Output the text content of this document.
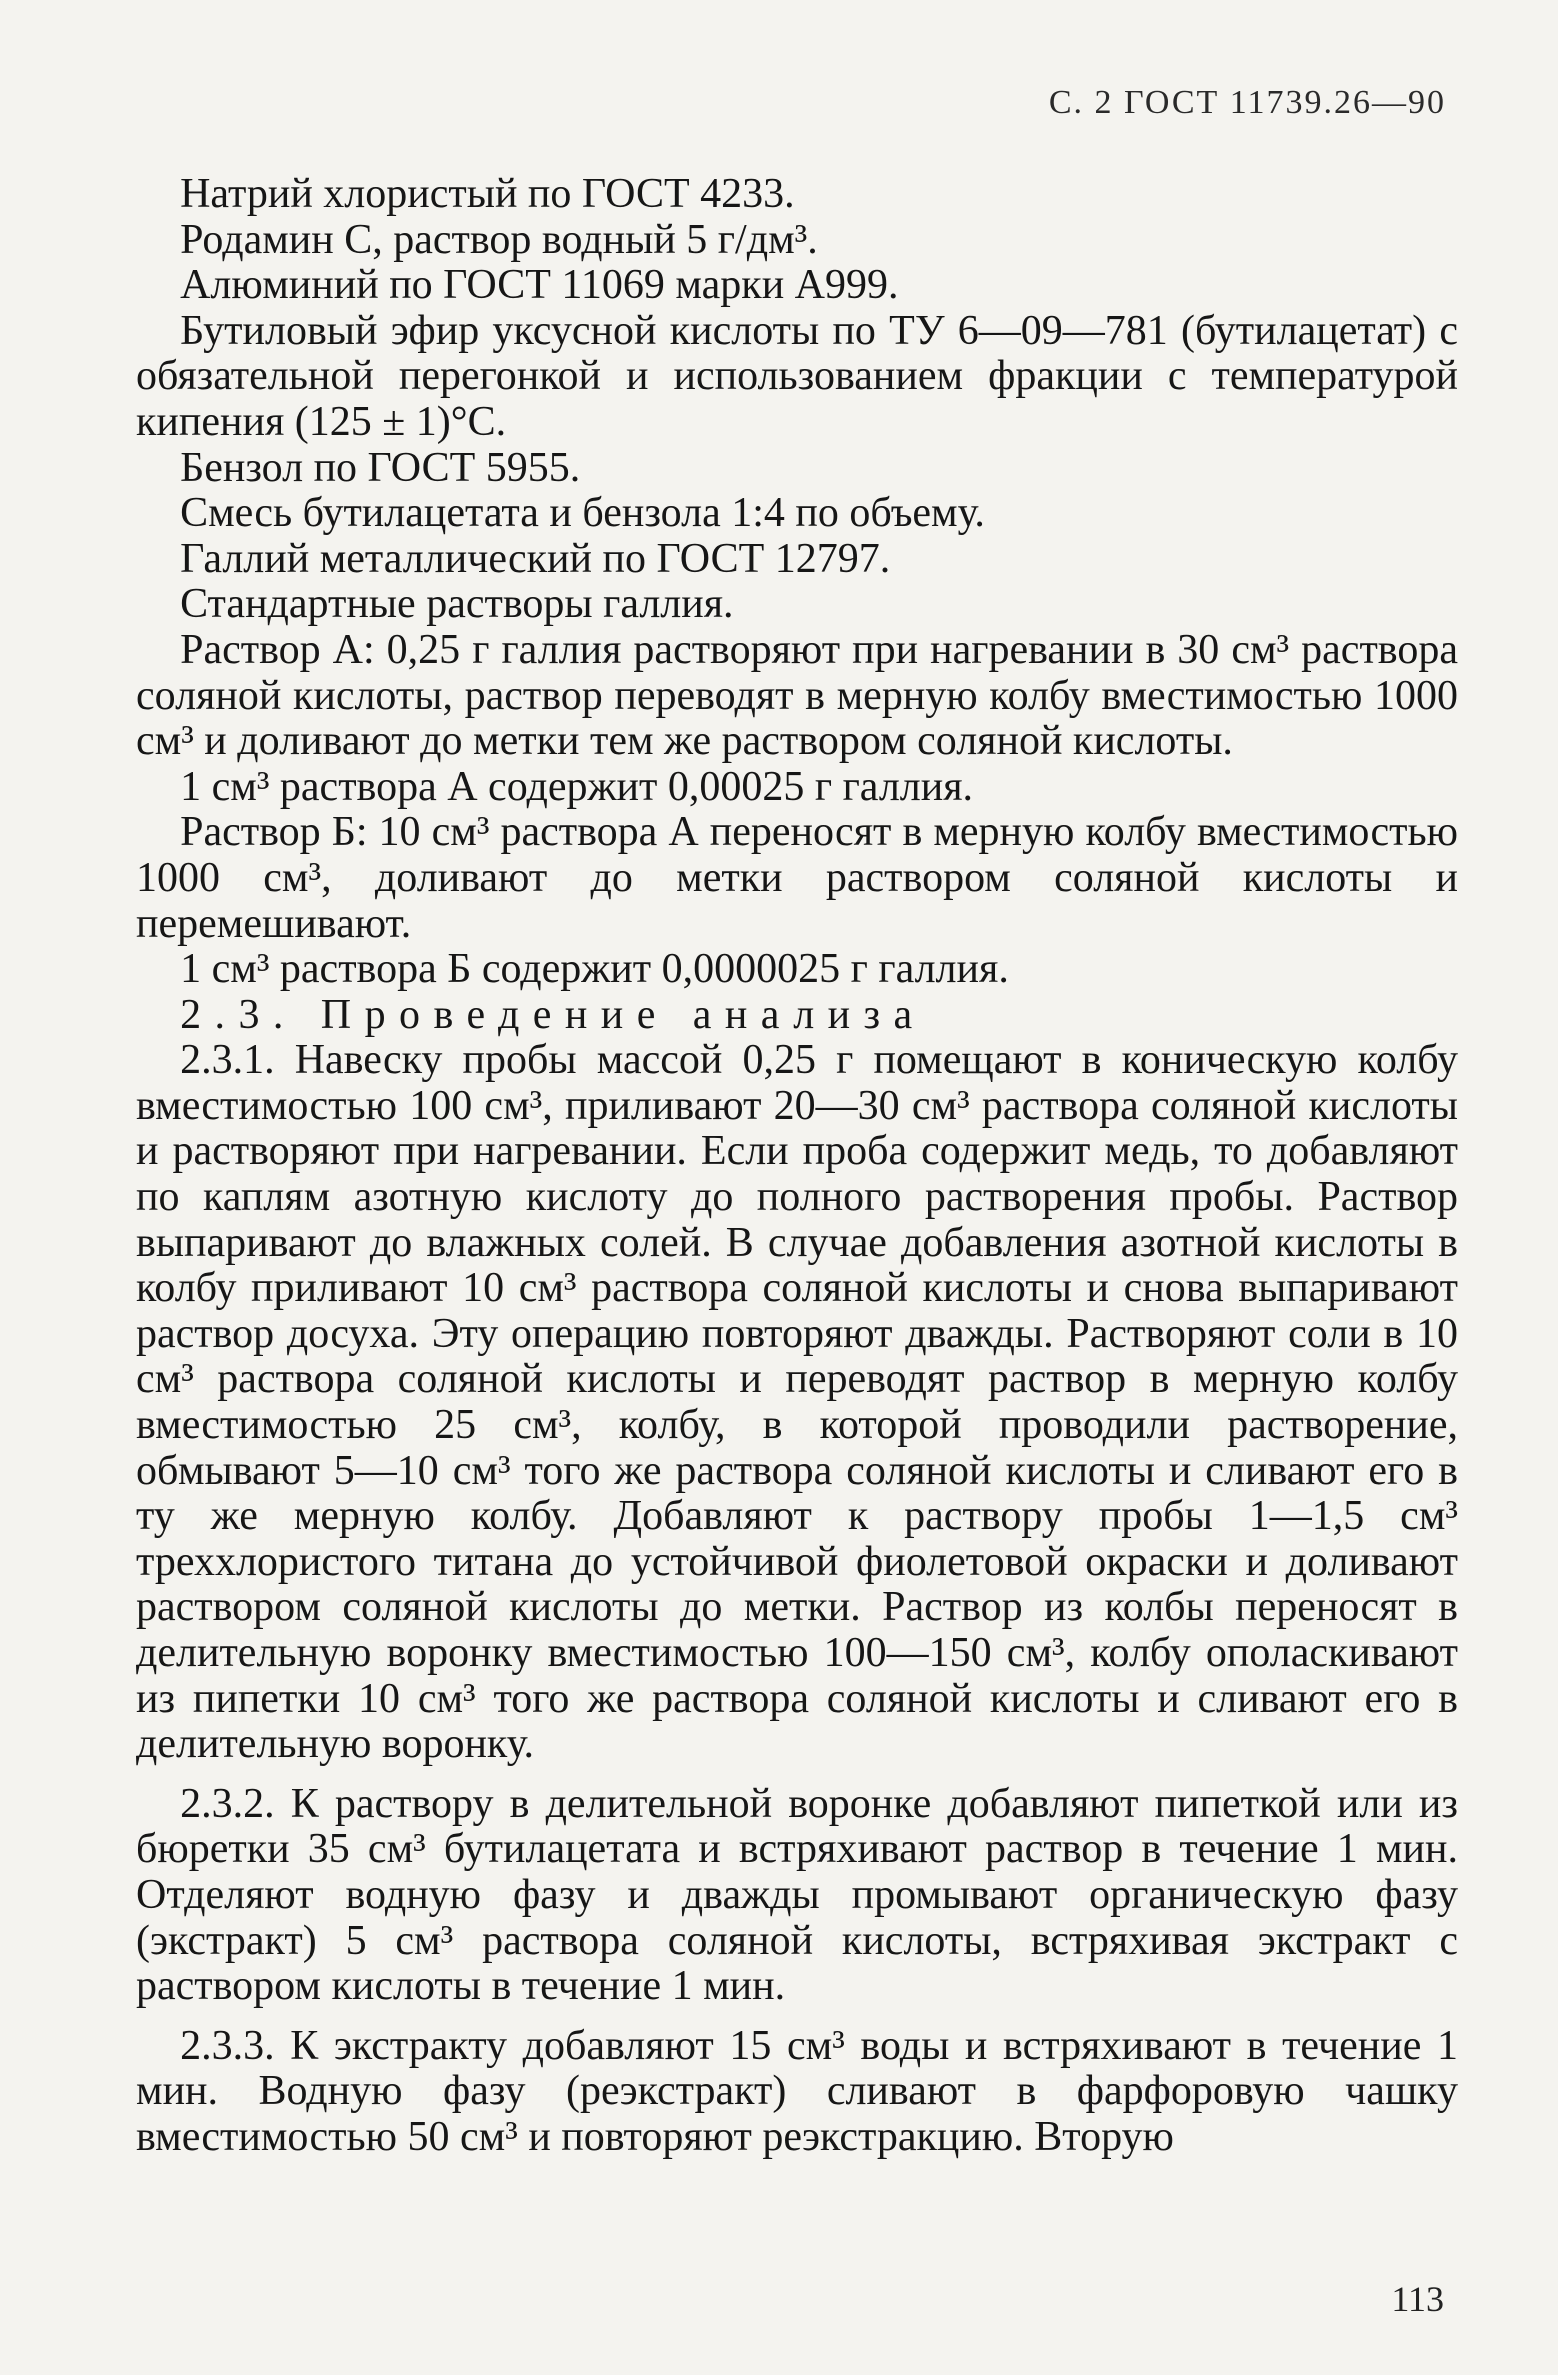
С. 2 ГОСТ 11739.26—90

Натрий хлористый по ГОСТ 4233.

Родамин С, раствор водный 5 г/дм³.

Алюминий по ГОСТ 11069 марки А999.

Бутиловый эфир уксусной кислоты по ТУ 6—09—781 (бутилацетат) с обязательной перегонкой и использованием фракции с температурой кипения (125 ± 1)°С.

Бензол по ГОСТ 5955.

Смесь бутилацетата и бензола 1:4 по объему.

Галлий металлический по ГОСТ 12797.

Стандартные растворы галлия.

Раствор А: 0,25 г галлия растворяют при нагревании в 30 см³ раствора соляной кислоты, раствор переводят в мерную колбу вместимостью 1000 см³ и доливают до метки тем же раствором соляной кислоты.

1 см³ раствора А содержит 0,00025 г галлия.

Раствор Б: 10 см³ раствора А переносят в мерную колбу вместимостью 1000 см³, доливают до метки раствором соляной кислоты и перемешивают.

1 см³ раствора Б содержит 0,0000025 г галлия.

2.3. Проведение анализа

2.3.1. Навеску пробы массой 0,25 г помещают в коническую колбу вместимостью 100 см³, приливают 20—30 см³ раствора соляной кислоты и растворяют при нагревании. Если проба содержит медь, то добавляют по каплям азотную кислоту до полного растворения пробы. Раствор выпаривают до влажных солей. В случае добавления азотной кислоты в колбу приливают 10 см³ раствора соляной кислоты и снова выпаривают раствор досуха. Эту операцию повторяют дважды. Растворяют соли в 10 см³ раствора соляной кислоты и переводят раствор в мерную колбу вместимостью 25 см³, колбу, в которой проводили растворение, обмывают 5—10 см³ того же раствора соляной кислоты и сливают его в ту же мерную колбу. Добавляют к раствору пробы 1—1,5 см³ треххлористого титана до устойчивой фиолетовой окраски и доливают раствором соляной кислоты до метки. Раствор из колбы переносят в делительную воронку вместимостью 100—150 см³, колбу ополаскивают из пипетки 10 см³ того же раствора соляной кислоты и сливают его в делительную воронку.

2.3.2. К раствору в делительной воронке добавляют пипеткой или из бюретки 35 см³ бутилацетата и встряхивают раствор в течение 1 мин. Отделяют водную фазу и дважды промывают органическую фазу (экстракт) 5 см³ раствора соляной кислоты, встряхивая экстракт с раствором кислоты в течение 1 мин.

2.3.3. К экстракту добавляют 15 см³ воды и встряхивают в течение 1 мин. Водную фазу (реэкстракт) сливают в фарфоровую чашку вместимостью 50 см³ и повторяют реэкстракцию. Вторую

113
